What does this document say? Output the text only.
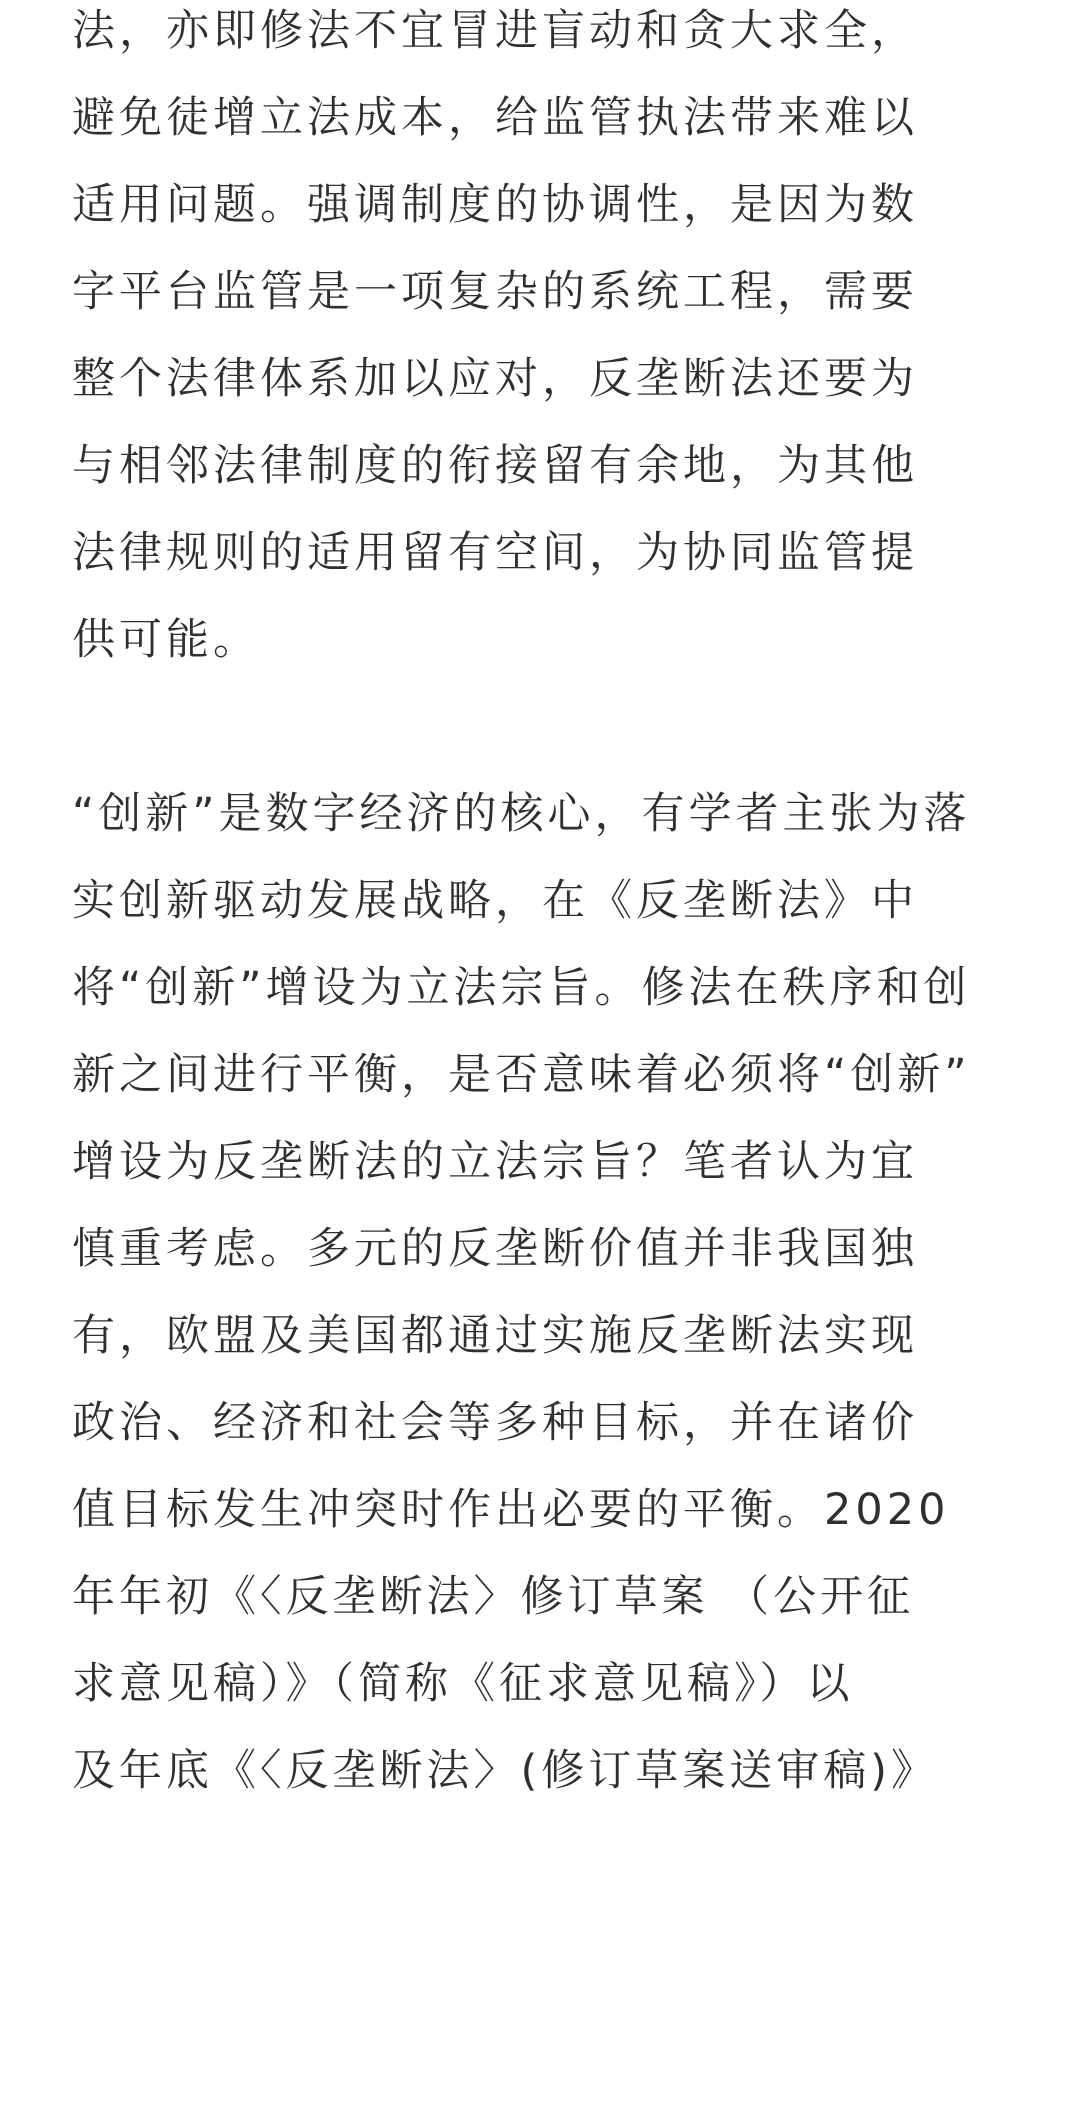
法，亦即修法不宜冒进盲动和贪大求全，
避免徒增立法成本，给监管执法带来难以
适用问题。强调制度的协调性，是因为数
字平台监管是一项复杂的系统工程，需要
整个法律体系加以应对，反垄断法还要为
与相邻法律制度的衔接留有余地，为其他
法律规则的适用留有空间，为协同监管提
供可能。
“创新”是数字经济的核心，有学者主张为落
实创新驱动发展战略，在《反垄断法》中
将“创新”增设为立法宗旨。修法在秩序和创
新之间进行平衡，是否意味着必须将“创新”
增设为反垄断法的立法宗旨？笔者认为宜
慎重考虑。多元的反垄断价值并非我国独
有，欧盟及美国都通过实施反垄断法实现
政治、经济和社会等多种目标，并在诸价
值目标发生冲突时作出必要的平衡。2020
年年初《〈反垄断法〉修订草案 （公开征
求意见稿）》（简称《征求意见稿》）以
及年底《〈反垄断法〉(修订草案送审稿)》
